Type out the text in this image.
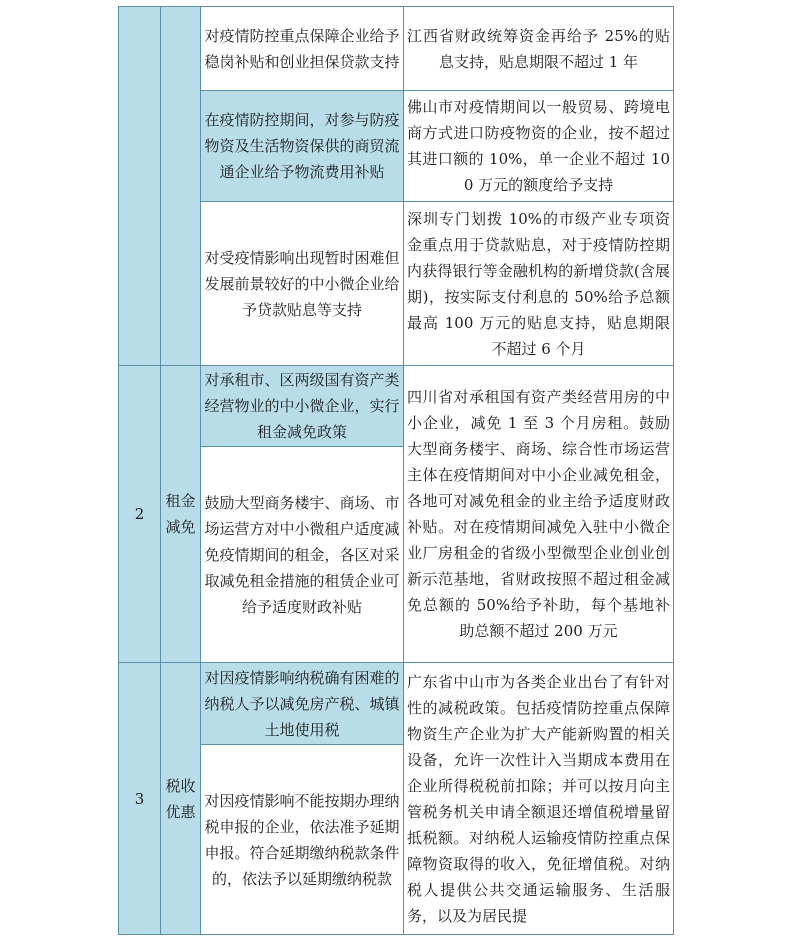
		对疫情防控重点保障企业给予稳岗补贴和创业担保贷款支持	江西省财政统筹资金再给予 25%的贴息支持，贴息期限不超过 1 年
		在疫情防控期间，对参与防疫物资及生活物资保供的商贸流通企业给予物流费用补贴	佛山市对疫情期间以一般贸易、跨境电商方式进口防疫物资的企业，按不超过其进口额的 10%，单一企业不超过 100 万元的额度给予支持
		对受疫情影响出现暂时困难但发展前景较好的中小微企业给予贷款贴息等支持	深圳专门划拨 10%的市级产业专项资金重点用于贷款贴息，对于疫情防控期内获得银行等金融机构的新增贷款(含展期)，按实际支付利息的 50%给予总额最高 100 万元的贴息支持，贴息期限不超过 6 个月
2	租金减免	对承租市、区两级国有资产类经营物业的中小微企业，实行租金减免政策	四川省对承租国有资产类经营用房的中小企业，减免 1 至 3 个月房租。鼓励大型商务楼宇、商场、综合性市场运营主体在疫情期间对中小企业减免租金，各地可对减免租金的业主给予适度财政补贴。对在疫情期间减免入驻中小微企业厂房租金的省级小型微型企业创业创新示范基地，省财政按照不超过租金减免总额的 50%给予补助，每个基地补助总额不超过 200 万元
		鼓励大型商务楼宇、商场、市场运营方对中小微租户适度减免疫情期间的租金，各区对采取减免租金措施的租赁企业可给予适度财政补贴	
3	税收优惠	对因疫情影响纳税确有困难的纳税人予以减免房产税、城镇土地使用税	广东省中山市为各类企业出台了有针对性的减税政策。包括疫情防控重点保障物资生产企业为扩大产能新购置的相关设备，允许一次性计入当期成本费用在企业所得税税前扣除；并可以按月向主管税务机关申请全额退还增值税增量留抵税额。对纳税人运输疫情防控重点保障物资取得的收入，免征增值税。对纳税人提供公共交通运输服务、生活服务，以及为居民提
		对因疫情影响不能按期办理纳税申报的企业，依法准予延期申报。符合延期缴纳税款条件的，依法予以延期缴纳税款	
